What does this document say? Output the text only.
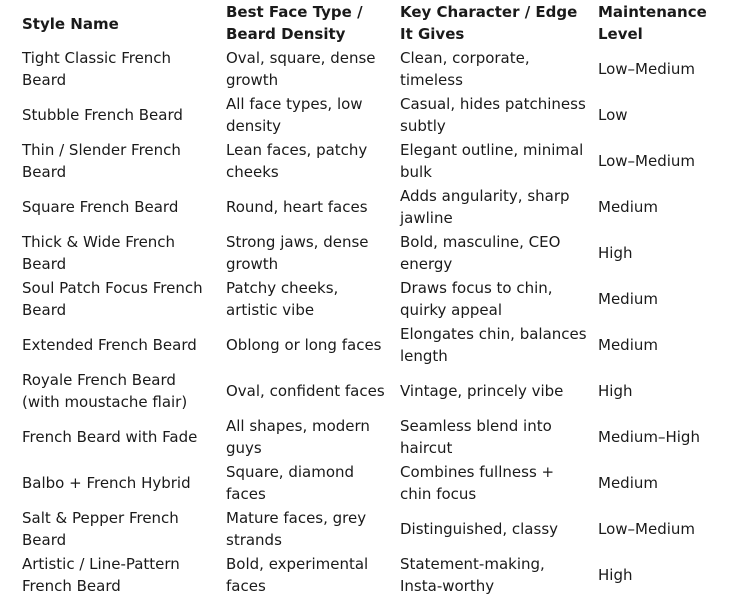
Style Name	Best Face Type / Beard Density	Key Character / Edge It Gives	Maintenance Level
Tight Classic French Beard	Oval, square, dense growth	Clean, corporate, timeless	Low–Medium
Stubble French Beard	All face types, low density	Casual, hides patchiness subtly	Low
Thin / Slender French Beard	Lean faces, patchy cheeks	Elegant outline, minimal bulk	Low–Medium
Square French Beard	Round, heart faces	Adds angularity, sharp jawline	Medium
Thick & Wide French Beard	Strong jaws, dense growth	Bold, masculine, CEO energy	High
Soul Patch Focus French Beard	Patchy cheeks, artistic vibe	Draws focus to chin, quirky appeal	Medium
Extended French Beard	Oblong or long faces	Elongates chin, balances length	Medium
Royale French Beard (with moustache flair)	Oval, confident faces	Vintage, princely vibe	High
French Beard with Fade	All shapes, modern guys	Seamless blend into haircut	Medium–High
Balbo + French Hybrid	Square, diamond faces	Combines fullness + chin focus	Medium
Salt & Pepper French Beard	Mature faces, grey strands	Distinguished, classy	Low–Medium
Artistic / Line-Pattern French Beard	Bold, experimental faces	Statement-making, Insta-worthy	High
